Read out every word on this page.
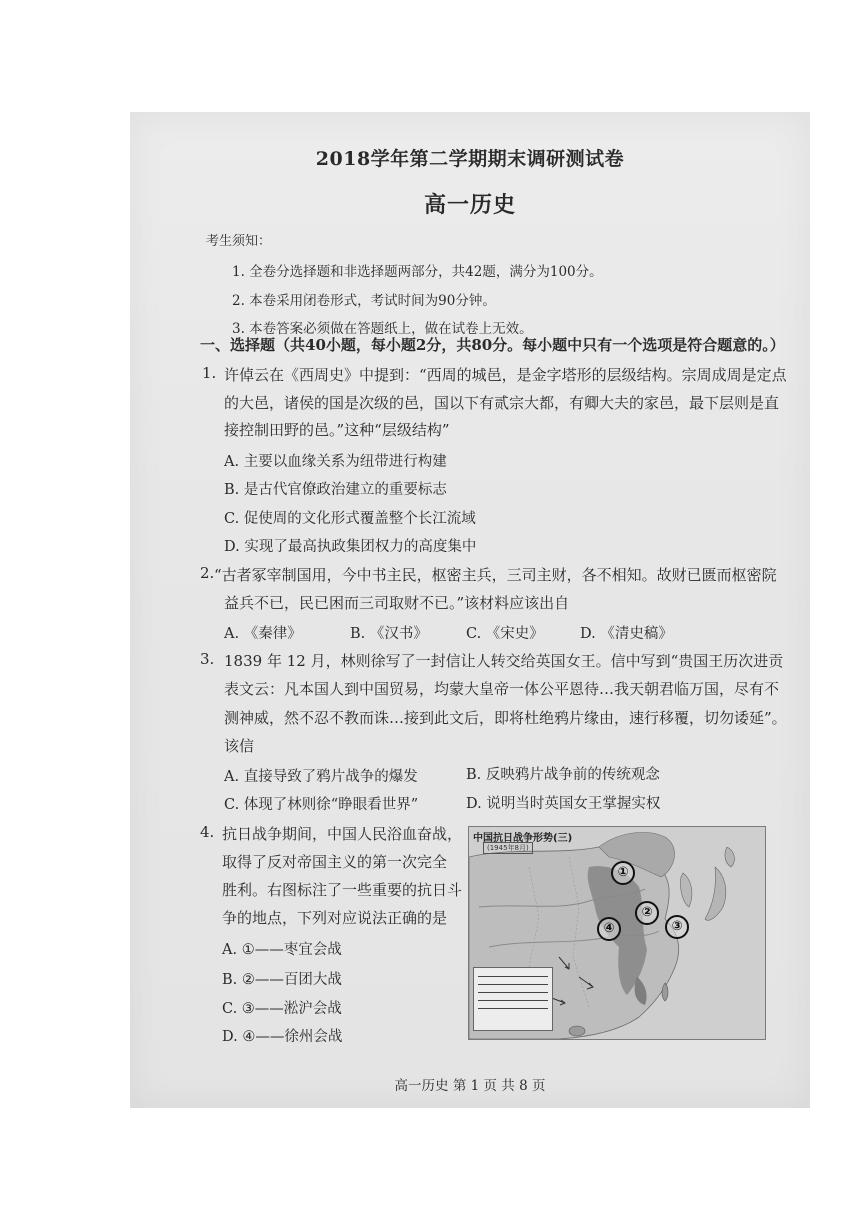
2018学年第二学期期末调研测试卷
高一历史
考生须知：
1. 全卷分选择题和非选择题两部分，共42题，满分为100分。
2. 本卷采用闭卷形式，考试时间为90分钟。
3. 本卷答案必须做在答题纸上，做在试卷上无效。
一、选择题（共40小题，每小题2分，共80分。每小题中只有一个选项是符合题意的。）
1. 许倬云在《西周史》中提到：“西周的城邑，是金字塔形的层级结构。宗周成周是定点
的大邑，诸侯的国是次级的邑，国以下有贰宗大都，有卿大夫的家邑，最下层则是直
接控制田野的邑。”这种“层级结构”
A. 主要以血缘关系为纽带进行构建
B. 是古代官僚政治建立的重要标志
C. 促使周的文化形式覆盖整个长江流域
D. 实现了最高执政集团权力的高度集中
2. “古者冢宰制国用，今中书主民，枢密主兵，三司主财，各不相知。故财已匮而枢密院
益兵不已，民已困而三司取财不已。”该材料应该出自
A. 《秦律》	B. 《汉书》	C. 《宋史》 D. 《清史稿》
3. 1839 年 12 月，林则徐写了一封信让人转交给英国女王。信中写到“贵国王历次进贡
表文云：凡本国人到中国贸易，均蒙大皇帝一体公平恩待…我天朝君临万国，尽有不
测神威，然不忍不教而诛…接到此文后，即将杜绝鸦片缘由，速行移覆，切勿诿延”。
该信
A. 直接导致了鸦片战争的爆发	B. 反映鸦片战争前的传统观念
C. 体现了林则徐“睁眼看世界”	D. 说明当时英国女王掌握实权
4. 抗日战争期间，中国人民浴血奋战，
取得了反对帝国主义的第一次完全
胜利。右图标注了一些重要的抗日斗
争的地点，下列对应说法正确的是
A. ①——枣宜会战
B. ②——百团大战
C. ③——淞沪会战
D. ④——徐州会战
中国抗日战争形势(三)
(1945年8月)
①
②
③
④
高一历史 第 1 页 共 8 页
